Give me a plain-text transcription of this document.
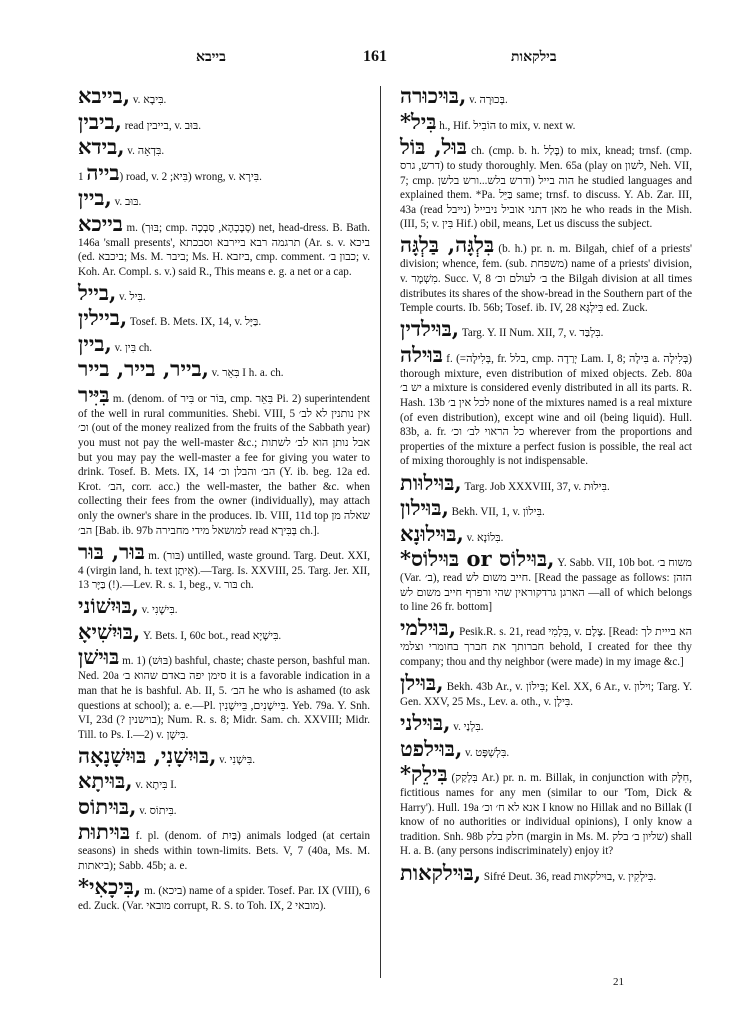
בייבא	161	בילקאות
בייבא, v. בִּיבָא.
ביבין, read בייבין, v. בּוּב.
בידא, v. בִּדְאָה.
בייה 1) road, v. בִּיא; 2) wrong, v. בִּירָא.
ביין, v. בּוּב.
בייכא m. (בּוּך; cmp. סְבָכְהָא, סַבְכָה) net, head-dress. B. Bath. 146a 'small presents', תרגמה רבא ביירבא וסבכתא (Ar. s. v. ביכא (ed. ביכבא; Ms. M. ביבר; Ms. H. ביזבא, cmp. comment. כבון ב׳; v. Koh. Ar. Compl. s. v.) said R., This means e. g. a net or a cap.
בייל, v. בִּיל.
ביילין, Tosef. B. Mets. IX, 14, v. בַּיָּל.
ביין, v. בִּין ch.
בייר, בייר, בייר, v. בִּאֵר I h. a. ch.
בִּיִּיר m. (denom. of בִּיר or בּוֹר, cmp. בִּאֵר Pi. 2) superintendent of the well in rural communities. Shebi. VIII, 5 אין נותנין לא לב׳ וכ׳ (out of the money realized from the fruits of the Sabbath year) you must not pay the well-master &c.; אבל נותן הוא לב׳ לשתות but you may pay the well-master a fee for giving you water to drink. Tosef. B. Mets. IX, 14 הב׳ והבלן וכ׳ (Y. ib. beg. 12a ed. Krot. הב׳, corr. acc.) the well-master, the bather &c. when collecting their fees from the owner (individually), may attach only the owner's share in the produces. Ib. VIII, 11d top שאלה מן הב׳ [Bab. ib. 97b למושאל מידי מחבירה read בְּבִּירָא ch.].
בּוּר, בּוּר m. (בּור) untilled, waste ground. Targ. Deut. XXI, 4 (virgin land, h. text אֵיתָן).—Targ. Is. XXVIII, 25. Targ. Jer. XII, 13 בַּיָּר (!).—Lev. R. s. 1, beg., v. בּור ch.
בּוּיִשׁוֹני, v. בִּישָׁנִי.
בּוּיִשִׁיאָ, Y. Bets. I, 60c bot., read בִּישָׁיָא.
בּוּישׁן m. 1) (בּוּשׁ) bashful, chaste; chaste person, bashful man. Ned. 20a סימן יפה באדם שהוא ב׳ it is a favorable indication in a man that he is bashful. Ab. II, 5. הב׳ he who is ashamed (to ask questions at school); a. e.—Pl. בֵּיישָׁנִים, בֵּיישָׁנִין. Yeb. 79a. Y. Snh. VI, 23d (? בוישנין); Num. R. s. 8; Midr. Sam. ch. XXVIII; Midr. Till. to Ps. I.—2) v. בִּישָׁן.
בּוּיִשָׁנִי, בּוּיִשָׁנָאָה, v. בִּישָׁנִי.
בּוּיתָא, v. בִּיתָא I.
בּוּיתוֹס, v. בִּיתוֹס.
בּוּיתוּת f. pl. (denom. of בַּיִת) animals lodged (at certain seasons) in sheds within town-limits. Bets. V, 7 (40a, Ms. M. ביאתות); Sabb. 45b; a. e.
*בִּיכָאִי, m. (ביכא) name of a spider. Tosef. Par. IX (VIII), 6 ed. Zuck. (Var. מובאי corrupt, R. S. to Toh. IX, 2 מובאי).
בּוּיכוּרה, v. בְּכוּרָה.
*בִּיל h., Hif. הוֹבִיל to mix, v. next w.
בּוּל, בּוֹל ch. (cmp. b. h. בָּלַל) to mix, knead; trnsf. (cmp. דרש, גרס) to study thoroughly. Men. 65a (play on לשון, Neh. VII, 7; cmp. ודרש בלש...ורש בלשן) הוה בייל he studied languages and explained them. *Pa. בַּיֵּל same; trnsf. to discuss. Y. Ab. Zar. III, 43a (read נייבל) מאן דתני אוביל ניבייל he who reads in the Mish. (III, 5; v. בִּין Hif.) obil, means, Let us discuss the subject.
בִּלְגָּה, בַּלְגָּה (b. h.) pr. n. m. Bilgah, chief of a priests' division; whence, fem. (sub. משפחת) name of a priests' division, v. מִשְׁמָר. Succ. V, 8 ב׳ לעולם וכ׳ the Bilgah division at all times distributes its shares of the show-bread in the Southern part of the Temple courts. Ib. 56b; Tosef. ib. IV, 28 בִּילְגָּא ed. Zuck.
בּוּילדין, Targ. Y. II Num. XII, 7, v. בִּלְבַּד.
בּוּילה f. (=בְּלִילָה, fr. בלל, cmp. יְרַדָה Lam. I, 8; בִּילָה a. בְּלִילָה) thorough mixture, even distribution of mixed objects. Zeb. 80a יש ב׳ a mixture is considered evenly distributed in all its parts. R. Hash. 13b לכל אין ב׳ none of the mixtures named is a real mixture (of even distribution), except wine and oil (being liquid). Hull. 83b, a. fr. כל הראוי לב׳ וכ׳ wherever from the proportions and properties of the mixture a perfect fusion is possible, the real act of mixing thoroughly is not indispensable.
בּוּילוּות, Targ. Job XXXVIII, 37, v. בִּילוּת.
בּוּילון, Bekh. VII, 1, v. בִּילוֹן.
בּוּילוּנָא, v. בִּלוֹנָא.
*בּוּילוֹס or בּוּילוֹס, Y. Sabb. VII, 10b bot. משוח ב׳ (Var. ב׳), read חייב משום לש. [Read the passage as follows: הזהן הארגן גרדקוראין שהי ורפרף חייב משום לש —all of which belongs to line 26 fr. bottom]
בּוּילמי, Pesik.R. s. 21, read בִּלְמִי, v. צֶלֶם. [Read: הא בייית לך חברותך את חברך בחומרי וצלמי behold, I created for thee thy company; thou and thy neighbor (were made) in my image &c.]
בּוּילן, Bekh. 43b Ar., v. בִּילוֹן; Kel. XX, 6 Ar., v. וילון; Targ. Y. Gen. XXV, 25 Ms., Lev. a. oth., v. בִּילָן.
בּוּילני, v. בִּלְנַי.
בּוּילפט, v. בִּלְשְׁפָּט.
*בִּילֵק (בִּלְקַק Ar.) pr. n. m. Billak, in conjunction with חִלָּק, fictitious names for any men (similar to our 'Tom, Dick & Harry'). Hull. 19a אנא לא ח׳ וכ׳ I know no Hillak and no Billak (I know of no authorities or individual opinions), I only know a tradition. Snh. 98b חלק בלק (margin in Ms. M. שליון ב׳ בלק) shall H. a. B. (any persons indiscriminately) enjoy it?
בּוּילקאות, Sifré Deut. 36, read בוּילקאות, v. בִּילְקִין.
21
